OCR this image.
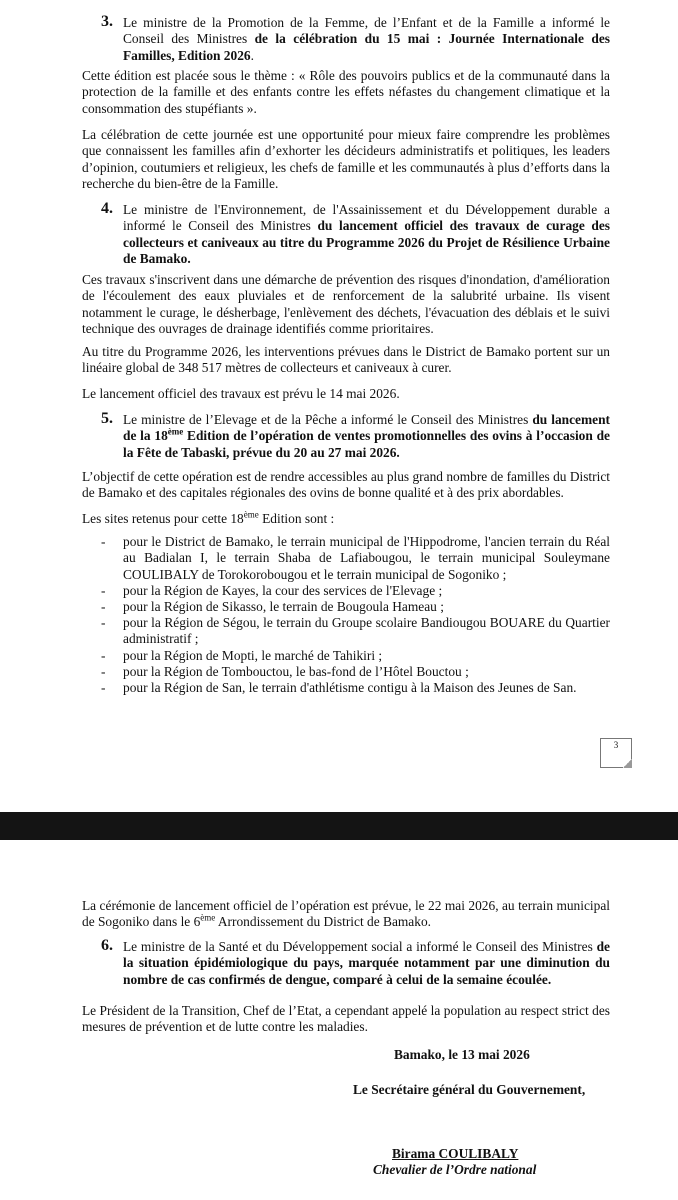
3. Le ministre de la Promotion de la Femme, de l’Enfant et de la Famille a informé le Conseil des Ministres de la célébration du 15 mai : Journée Internationale des Familles, Edition 2026.

Cette édition est placée sous le thème : « Rôle des pouvoirs publics et de la communauté dans la protection de la famille et des enfants contre les effets néfastes du changement climatique et la consommation des stupéfiants ».

La célébration de cette journée est une opportunité pour mieux faire comprendre les problèmes que connaissent les familles afin d’exhorter les décideurs administratifs et politiques, les leaders d’opinion, coutumiers et religieux, les chefs de famille et les communautés à plus d’efforts dans la recherche du bien-être de la Famille.

4. Le ministre de l'Environnement, de l'Assainissement et du Développement durable a informé le Conseil des Ministres du lancement officiel des travaux de curage des collecteurs et caniveaux au titre du Programme 2026 du Projet de Résilience Urbaine de Bamako.

Ces travaux s'inscrivent dans une démarche de prévention des risques d'inondation, d'amélioration de l'écoulement des eaux pluviales et de renforcement de la salubrité urbaine. Ils visent notamment le curage, le désherbage, l'enlèvement des déchets, l'évacuation des déblais et le suivi technique des ouvrages de drainage identifiés comme prioritaires.

Au titre du Programme 2026, les interventions prévues dans le District de Bamako portent sur un linéaire global de 348 517 mètres de collecteurs et caniveaux à curer.

Le lancement officiel des travaux est prévu le 14 mai 2026.

5. Le ministre de l’Elevage et de la Pêche a informé le Conseil des Ministres du lancement de la 18ème Edition de l’opération de ventes promotionnelles des ovins à l’occasion de la Fête de Tabaski, prévue du 20 au 27 mai 2026.

L’objectif de cette opération est de rendre accessibles au plus grand nombre de familles du District de Bamako et des capitales régionales des ovins de bonne qualité et à des prix abordables.

Les sites retenus pour cette 18ème Edition sont :

- pour le District de Bamako, le terrain municipal de l'Hippodrome, l'ancien terrain du Réal au Badialan I, le terrain Shaba de Lafiabougou, le terrain municipal Souleymane COULIBALY de Torokorobougou et le terrain municipal de Sogoniko ;

- pour la Région de Kayes, la cour des services de l'Elevage ;

- pour la Région de Sikasso, le terrain de Bougoula Hameau ;

- pour la Région de Ségou, le terrain du Groupe scolaire Bandiougou BOUARE du Quartier administratif ;

- pour la Région de Mopti, le marché de Tahikiri ;

- pour la Région de Tombouctou, le bas-fond de l’Hôtel Bouctou ;

- pour la Région de San, le terrain d'athlétisme contigu à la Maison des Jeunes de San.

3

La cérémonie de lancement officiel de l’opération est prévue, le 22 mai 2026, au terrain municipal de Sogoniko dans le 6ème Arrondissement du District de Bamako.

6. Le ministre de la Santé et du Développement social a informé le Conseil des Ministres de la situation épidémiologique du pays, marquée notamment par une diminution du nombre de cas confirmés de dengue, comparé à celui de la semaine écoulée.

Le Président de la Transition, Chef de l’Etat, a cependant appelé la population au respect strict des mesures de prévention et de lutte contre les maladies.

Bamako, le 13 mai 2026
Le Secrétaire général du Gouvernement,
Birama COULIBALY
Chevalier de l’Ordre national
